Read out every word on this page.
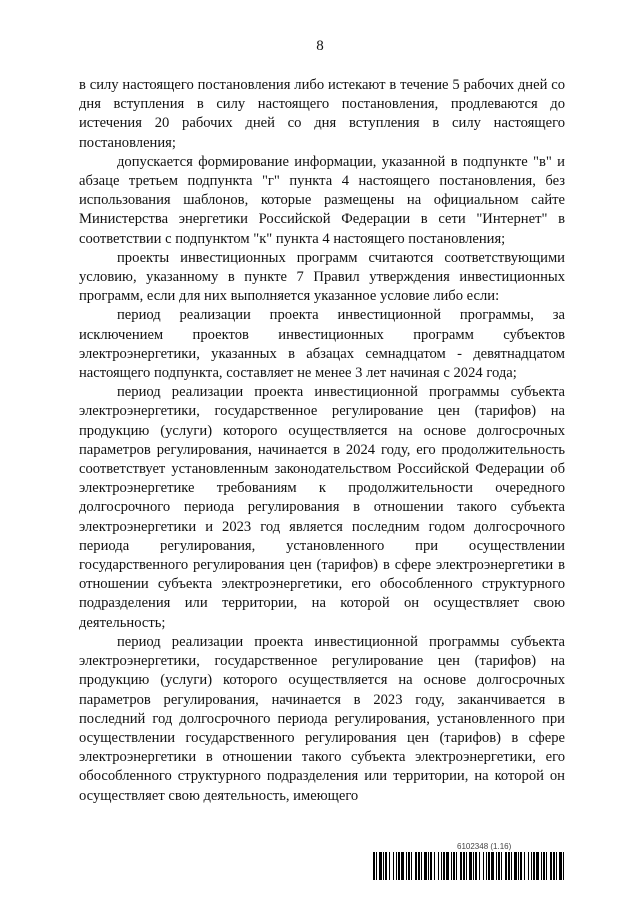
8

в силу настоящего постановления либо истекают в течение 5 рабочих дней со дня вступления в силу настоящего постановления, продлеваются до истечения 20 рабочих дней со дня вступления в силу настоящего постановления;

допускается формирование информации, указанной в подпункте "в" и абзаце третьем подпункта "г" пункта 4 настоящего постановления, без использования шаблонов, которые размещены на официальном сайте Министерства энергетики Российской Федерации в сети "Интернет" в соответствии с подпунктом "к" пункта 4 настоящего постановления;

проекты инвестиционных программ считаются соответствующими условию, указанному в пункте 7 Правил утверждения инвестиционных программ, если для них выполняется указанное условие либо если:

период реализации проекта инвестиционной программы, за исключением проектов инвестиционных программ субъектов электроэнергетики, указанных в абзацах семнадцатом - девятнадцатом настоящего подпункта, составляет не менее 3 лет начиная с 2024 года;

период реализации проекта инвестиционной программы субъекта электроэнергетики, государственное регулирование цен (тарифов) на продукцию (услуги) которого осуществляется на основе долгосрочных параметров регулирования, начинается в 2024 году, его продолжительность соответствует установленным законодательством Российской Федерации об электроэнергетике требованиям к продолжительности очередного долгосрочного периода регулирования в отношении такого субъекта электроэнергетики и 2023 год является последним годом долгосрочного периода регулирования, установленного при осуществлении государственного регулирования цен (тарифов) в сфере электроэнергетики в отношении субъекта электроэнергетики, его обособленного структурного подразделения или территории, на которой он осуществляет свою деятельность;

период реализации проекта инвестиционной программы субъекта электроэнергетики, государственное регулирование цен (тарифов) на продукцию (услуги) которого осуществляется на основе долгосрочных параметров регулирования, начинается в 2023 году, заканчивается в последний год долгосрочного периода регулирования, установленного при осуществлении государственного регулирования цен (тарифов) в сфере электроэнергетики в отношении такого субъекта электроэнергетики, его обособленного структурного подразделения или территории, на которой он осуществляет свою деятельность, имеющего

6102348 (1.16)
